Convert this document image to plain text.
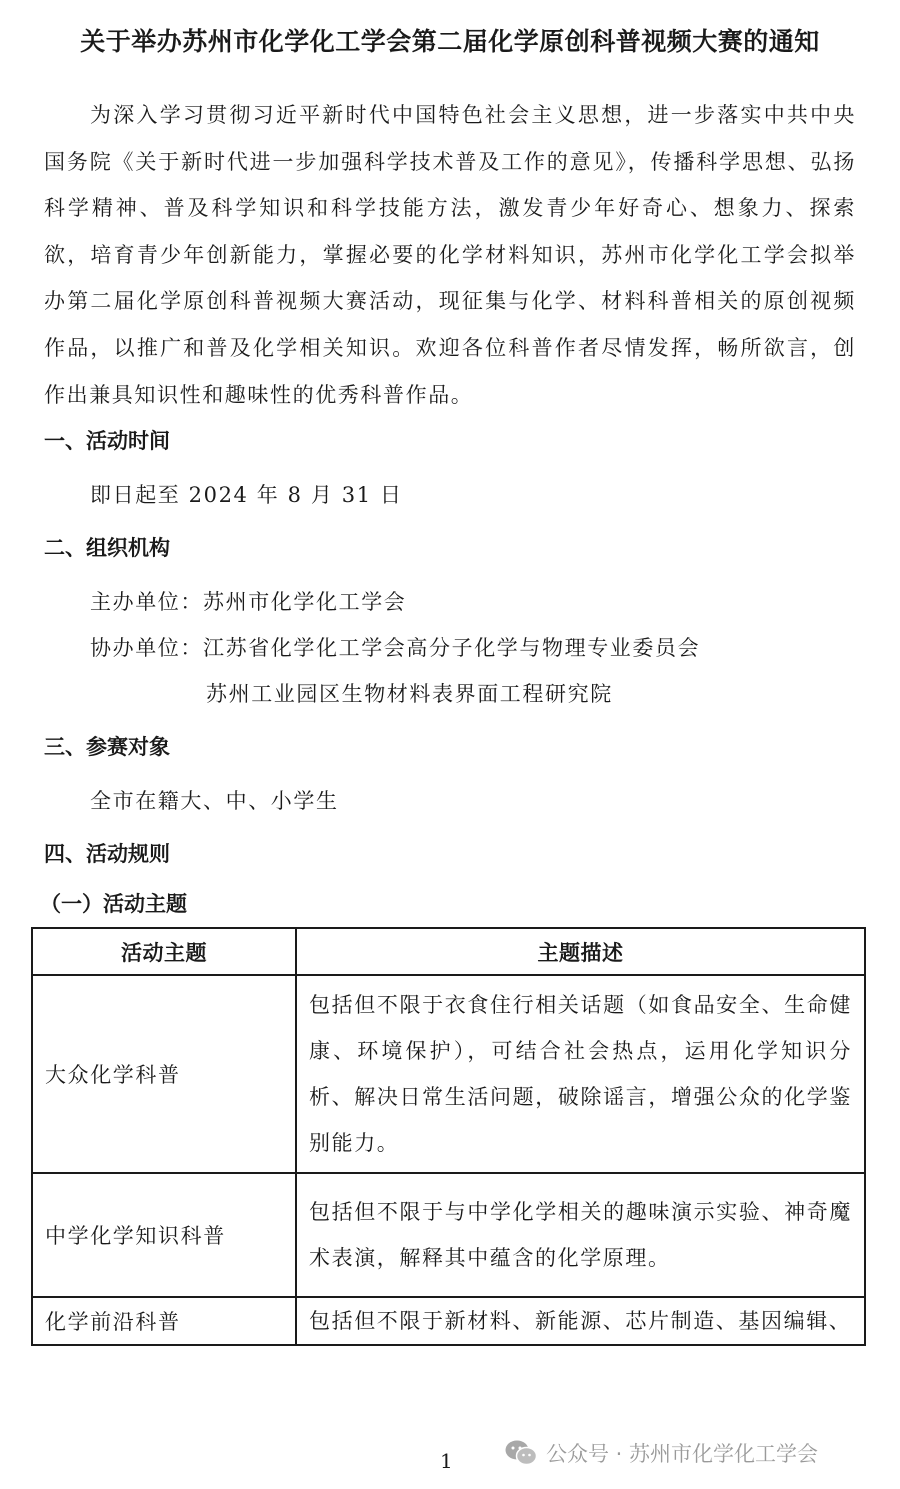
关于举办苏州市化学化工学会第二届化学原创科普视频大赛的通知

为深入学习贯彻习近平新时代中国特色社会主义思想，进一步落实中共中央国务院《关于新时代进一步加强科学技术普及工作的意见》，传播科学思想、弘扬科学精神、普及科学知识和科学技能方法，激发青少年好奇心、想象力、探索欲，培育青少年创新能力，掌握必要的化学材料知识，苏州市化学化工学会拟举办第二届化学原创科普视频大赛活动，现征集与化学、材料科普相关的原创视频作品，以推广和普及化学相关知识。欢迎各位科普作者尽情发挥，畅所欲言，创作出兼具知识性和趣味性的优秀科普作品。

一、活动时间
即日起至 2024 年 8 月 31 日
二、组织机构
主办单位：苏州市化学化工学会
协办单位：江苏省化学化工学会高分子化学与物理专业委员会
苏州工业园区生物材料表界面工程研究院
三、参赛对象
全市在籍大、中、小学生
四、活动规则
（一）活动主题
活动主题	主题描述
大众化学科普	包括但不限于衣食住行相关话题（如食品安全、生命健康、环境保护），可结合社会热点，运用化学知识分析、解决日常生活问题，破除谣言，增强公众的化学鉴别能力。
中学化学知识科普	包括但不限于与中学化学相关的趣味演示实验、神奇魔术表演，解释其中蕴含的化学原理。
化学前沿科普	包括但不限于新材料、新能源、芯片制造、基因编辑、
1	公众号 · 苏州市化学化工学会
